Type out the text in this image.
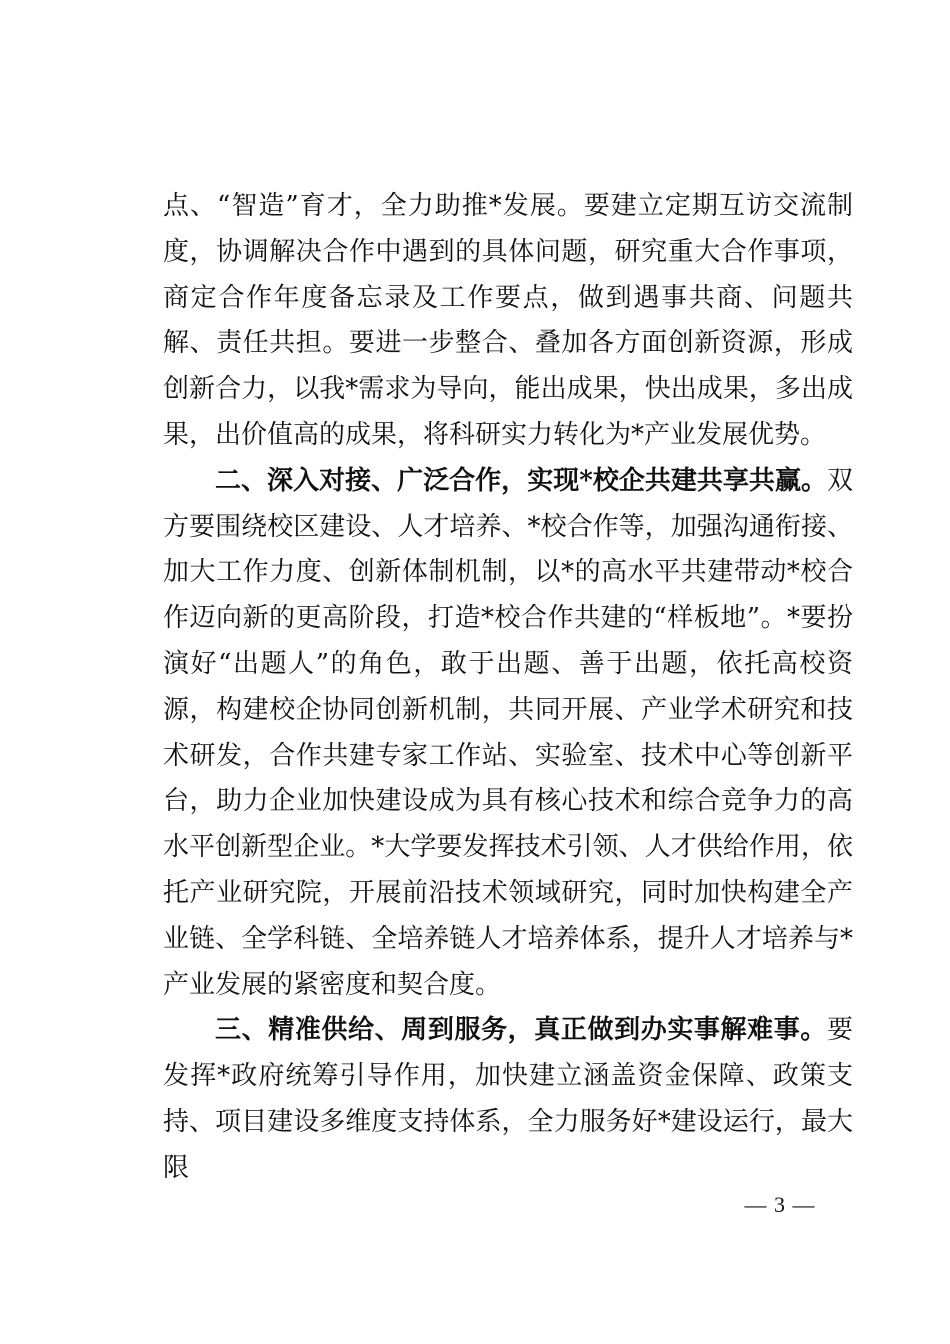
点、“智造”育才，全力助推*发展。要建立定期互访交流制度，协调解决合作中遇到的具体问题，研究重大合作事项，商定合作年度备忘录及工作要点，做到遇事共商、问题共解、责任共担。要进一步整合、叠加各方面创新资源，形成创新合力，以我*需求为导向，能出成果，快出成果，多出成果，出价值高的成果，将科研实力转化为*产业发展优势。

二、深入对接、广泛合作，实现*校企共建共享共赢。双方要围绕校区建设、人才培养、*校合作等，加强沟通衔接、加大工作力度、创新体制机制，以*的高水平共建带动*校合作迈向新的更高阶段，打造*校合作共建的“样板地”。*要扮演好“出题人”的角色，敢于出题、善于出题，依托高校资源，构建校企协同创新机制，共同开展、产业学术研究和技术研发，合作共建专家工作站、实验室、技术中心等创新平台，助力企业加快建设成为具有核心技术和综合竞争力的高水平创新型企业。*大学要发挥技术引领、人才供给作用，依托产业研究院，开展前沿技术领域研究，同时加快构建全产业链、全学科链、全培养链人才培养体系，提升人才培养与*产业发展的紧密度和契合度。

三、精准供给、周到服务，真正做到办实事解难事。要发挥*政府统筹引导作用，加快建立涵盖资金保障、政策支持、项目建设多维度支持体系，全力服务好*建设运行，最大限

— 3 —
